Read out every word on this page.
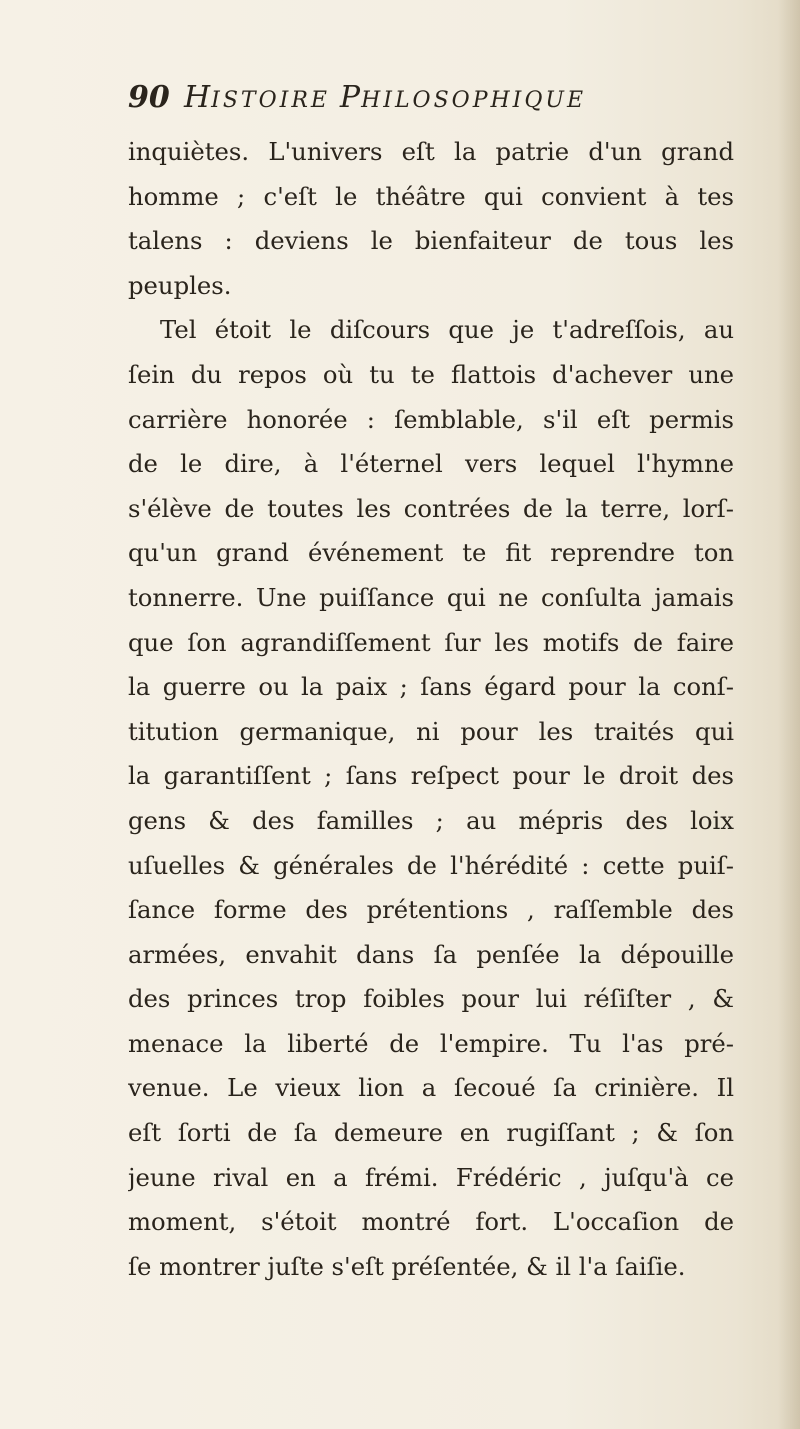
90 HISTOIRE PHILOSOPHIQUE
inquiètes. L'univers eſt la patrie d'un grand
homme ; c'eſt le théâtre qui convient à tes
talens : deviens le bienfaiteur de tous les
peuples.
Tel étoit le diſcours que je t'adreſſois, au
ſein du repos où tu te flattois d'achever une
carrière honorée : ſemblable, s'il eſt permis
de le dire, à l'éternel vers lequel l'hymne
s'élève de toutes les contrées de la terre, lorſ-
qu'un grand événement te fit reprendre ton
tonnerre. Une puiſſance qui ne conſulta jamais
que ſon agrandiſſement ſur les motifs de faire
la guerre ou la paix ; ſans égard pour la conſ-
titution germanique, ni pour les traités qui
la garantiſſent ; ſans reſpect pour le droit des
gens & des familles ; au mépris des loix
uſuelles & générales de l'hérédité : cette puiſ-
ſance forme des prétentions , raſſemble des
armées, envahit dans ſa penſée la dépouille
des princes trop foibles pour lui réſiſter , &
menace la liberté de l'empire. Tu l'as pré-
venue. Le vieux lion a ſecoué ſa crinière. Il
eſt ſorti de ſa demeure en rugiſſant ; & ſon
jeune rival en a frémi. Frédéric , juſqu'à ce
moment, s'étoit montré fort. L'occaſion de
ſe montrer juſte s'eſt préſentée, & il l'a ſaiſie.
